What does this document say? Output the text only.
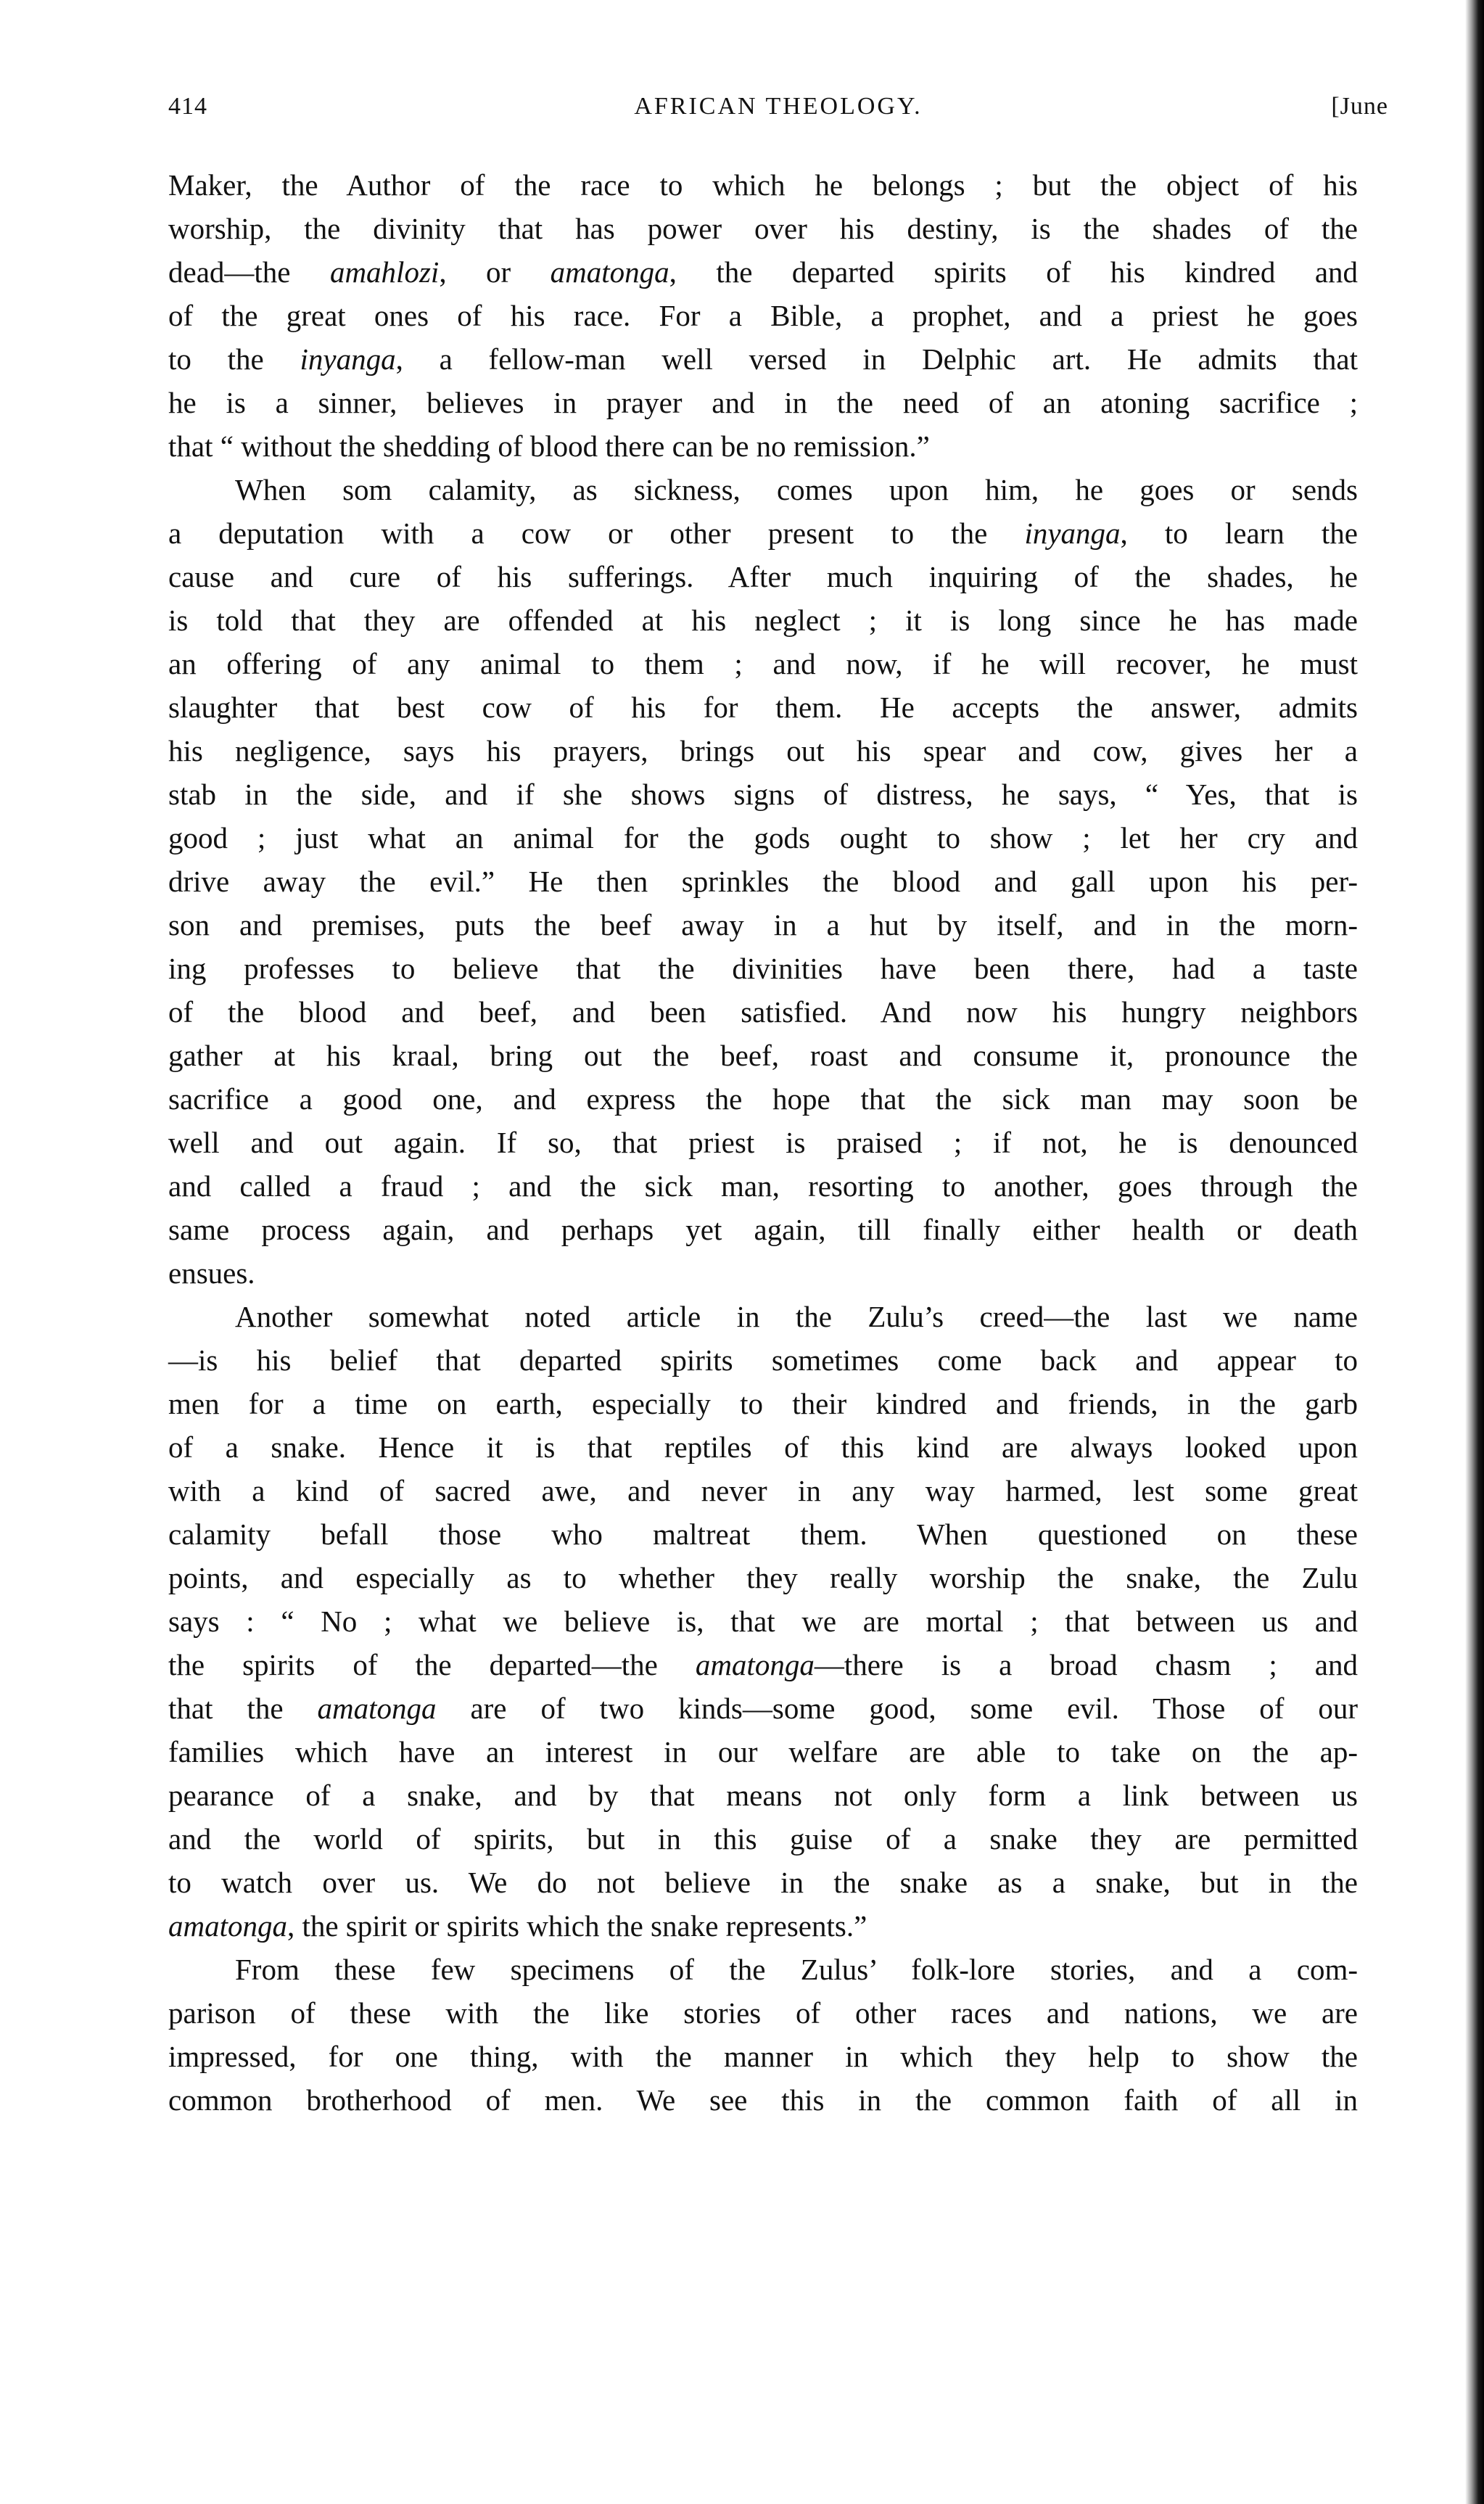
414	AFRICAN THEOLOGY.	[June

Maker, the Author of the race to which he belongs ; but the object of his
worship, the divinity that has power over his destiny, is the shades of the
dead—the amahlozi, or amatonga, the departed spirits of his kindred and
of the great ones of his race. For a Bible, a prophet, and a priest he goes
to the inyanga, a fellow-man well versed in Delphic art. He admits that
he is a sinner, believes in prayer and in the need of an atoning sacrifice ;
that “ without the shedding of blood there can be no remission.”

When som calamity, as sickness, comes upon him, he goes or sends
a deputation with a cow or other present to the inyanga, to learn the
cause and cure of his sufferings. After much inquiring of the shades, he
is told that they are offended at his neglect ; it is long since he has made
an offering of any animal to them ; and now, if he will recover, he must
slaughter that best cow of his for them. He accepts the answer, admits
his negligence, says his prayers, brings out his spear and cow, gives her a
stab in the side, and if she shows signs of distress, he says, “ Yes, that is
good ; just what an animal for the gods ought to show ; let her cry and
drive away the evil.” He then sprinkles the blood and gall upon his per-
son and premises, puts the beef away in a hut by itself, and in the morn-
ing professes to believe that the divinities have been there, had a taste
of the blood and beef, and been satisfied. And now his hungry neighbors
gather at his kraal, bring out the beef, roast and consume it, pronounce the
sacrifice a good one, and express the hope that the sick man may soon be
well and out again. If so, that priest is praised ; if not, he is denounced
and called a fraud ; and the sick man, resorting to another, goes through the
same process again, and perhaps yet again, till finally either health or death
ensues.

Another somewhat noted article in the Zulu’s creed—the last we name
—is his belief that departed spirits sometimes come back and appear to
men for a time on earth, especially to their kindred and friends, in the garb
of a snake. Hence it is that reptiles of this kind are always looked upon
with a kind of sacred awe, and never in any way harmed, lest some great
calamity befall those who maltreat them. When questioned on these
points, and especially as to whether they really worship the snake, the Zulu
says : “ No ; what we believe is, that we are mortal ; that between us and
the spirits of the departed—the amatonga—there is a broad chasm ; and
that the amatonga are of two kinds—some good, some evil. Those of our
families which have an interest in our welfare are able to take on the ap-
pearance of a snake, and by that means not only form a link between us
and the world of spirits, but in this guise of a snake they are permitted
to watch over us. We do not believe in the snake as a snake, but in the
amatonga, the spirit or spirits which the snake represents.”

From these few specimens of the Zulus’ folk-lore stories, and a com-
parison of these with the like stories of other races and nations, we are
impressed, for one thing, with the manner in which they help to show the
common brotherhood of men. We see this in the common faith of all in
